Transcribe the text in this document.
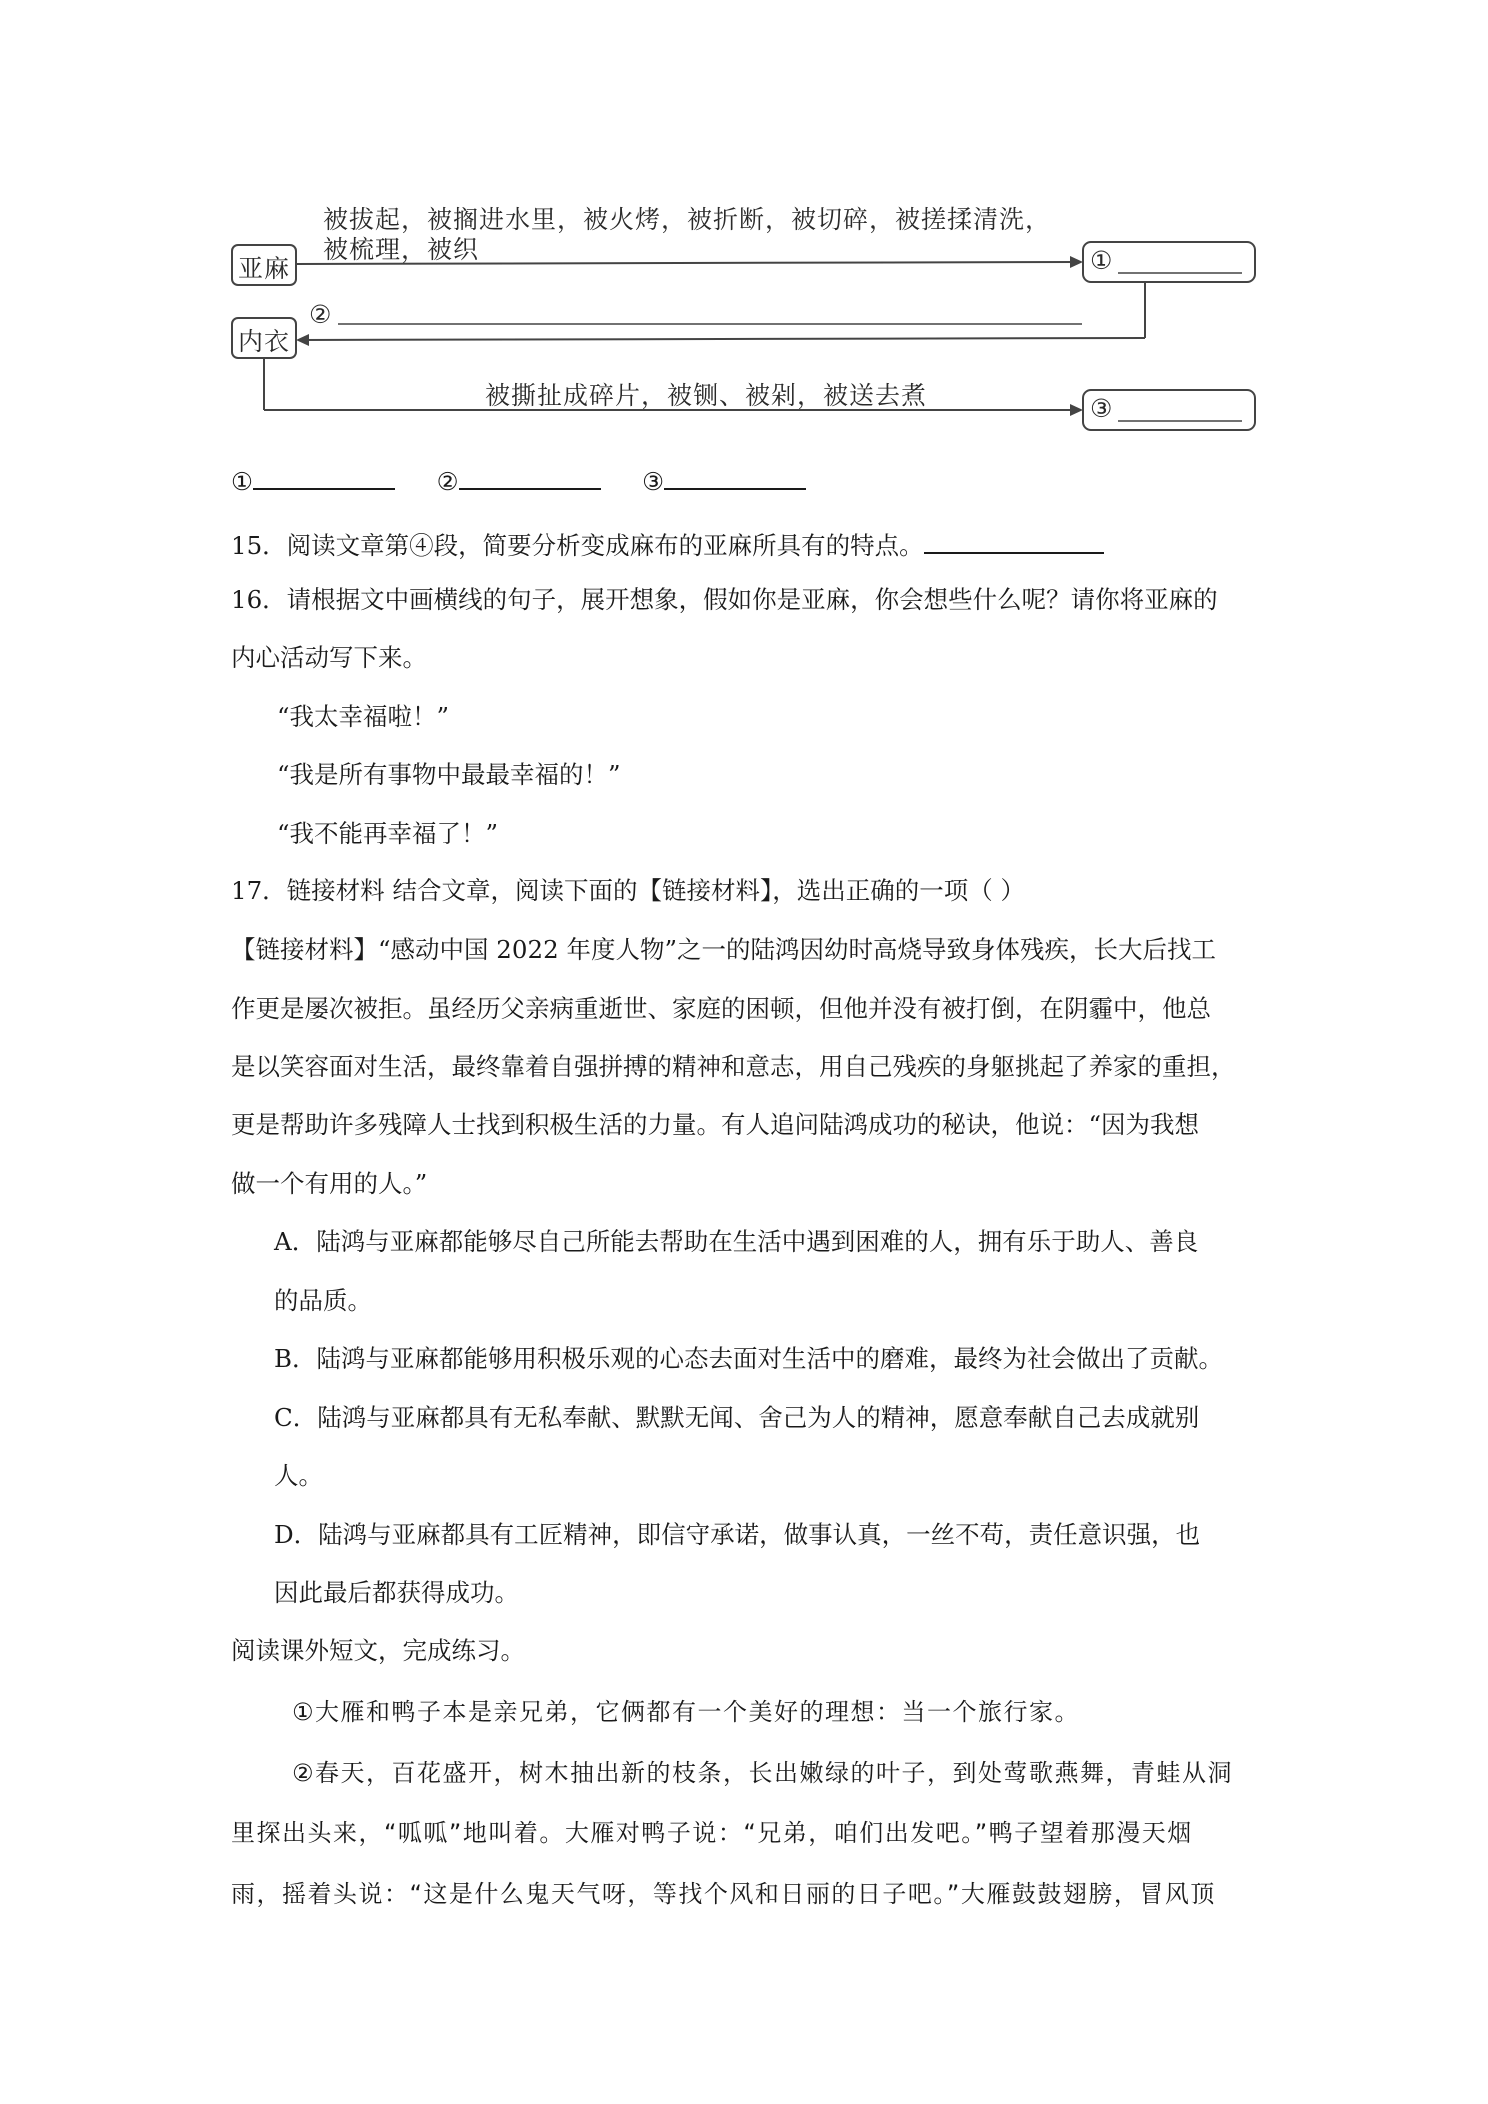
亚麻
内衣
被拔起，被搁进水里，被火烤，被折断，被切碎，被搓揉清洗，
被梳理，被织	①
②
被撕扯成碎片，被铡、被剁，被送去煮	③
①	②	③
15．阅读文章第④段，简要分析变成麻布的亚麻所具有的特点。
16．请根据文中画横线的句子，展开想象，假如你是亚麻，你会想些什么呢？请你将亚麻的
内心活动写下来。
“我太幸福啦！”
“我是所有事物中最最幸福的！”
“我不能再幸福了！”
17．链接材料 结合文章，阅读下面的【链接材料】，选出正确的一项（ ）
【链接材料】“感动中国 2022 年度人物”之一的陆鸿因幼时高烧导致身体残疾，长大后找工
作更是屡次被拒。虽经历父亲病重逝世、家庭的困顿，但他并没有被打倒，在阴霾中，他总
是以笑容面对生活，最终靠着自强拼搏的精神和意志，用自己残疾的身躯挑起了养家的重担，
更是帮助许多残障人士找到积极生活的力量。有人追问陆鸿成功的秘诀，他说：“因为我想
做一个有用的人。”
A．陆鸿与亚麻都能够尽自己所能去帮助在生活中遇到困难的人，拥有乐于助人、善良
的品质。
B．陆鸿与亚麻都能够用积极乐观的心态去面对生活中的磨难，最终为社会做出了贡献。
C．陆鸿与亚麻都具有无私奉献、默默无闻、舍己为人的精神，愿意奉献自己去成就别
人。
D．陆鸿与亚麻都具有工匠精神，即信守承诺，做事认真，一丝不苟，责任意识强，也
因此最后都获得成功。
阅读课外短文，完成练习。
①大雁和鸭子本是亲兄弟，它俩都有一个美好的理想：当一个旅行家。
②春天，百花盛开，树木抽出新的枝条，长出嫩绿的叶子，到处莺歌燕舞，青蛙从洞
里探出头来，“呱呱”地叫着。大雁对鸭子说：“兄弟，咱们出发吧。”鸭子望着那漫天烟
雨，摇着头说：“这是什么鬼天气呀，等找个风和日丽的日子吧。”大雁鼓鼓翅膀，冒风顶
